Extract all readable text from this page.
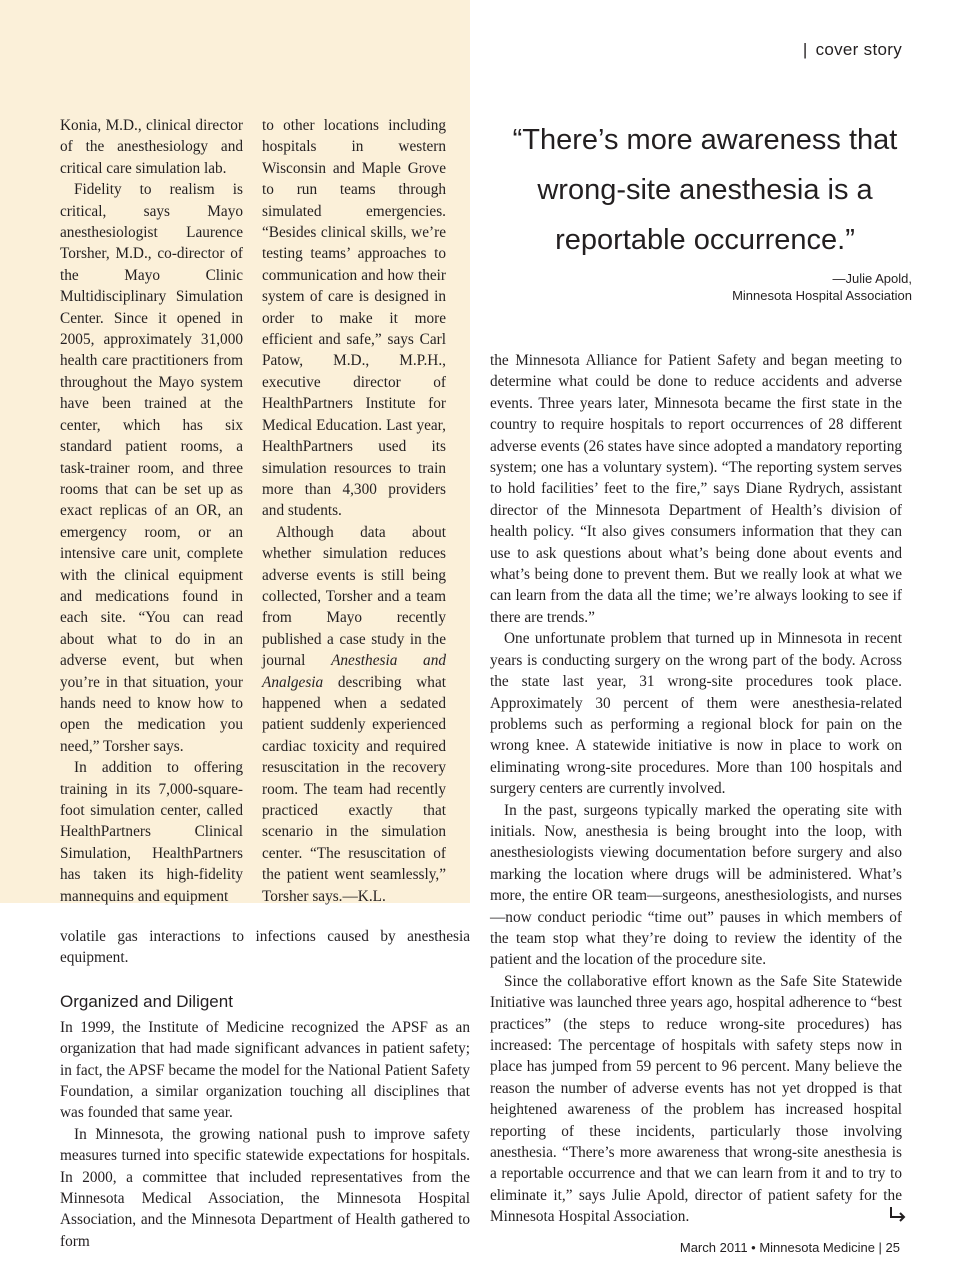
| cover story

Konia, M.D., clinical director of the anesthesiology and critical care simulation lab.

Fidelity to realism is critical, says Mayo anesthesiologist Laurence Torsher, M.D., co-director of the Mayo Clinic Multidisciplinary Simulation Center. Since it opened in 2005, approximately 31,000 health care practitioners from throughout the Mayo system have been trained at the center, which has six standard patient rooms, a task-trainer room, and three rooms that can be set up as exact replicas of an OR, an emergency room, or an intensive care unit, complete with the clinical equipment and medications found in each site. “You can read about what to do in an adverse event, but when you’re in that situation, your hands need to know how to open the medication you need,” Torsher says.

In addition to offering training in its 7,000-square-foot simulation center, called HealthPartners Clinical Simulation, HealthPartners has taken its high-fidelity mannequins and equipment

to other locations including hospitals in western Wisconsin and Maple Grove to run teams through simulated emergencies. “Besides clinical skills, we’re testing teams’ approaches to communication and how their system of care is designed in order to make it more efficient and safe,” says Carl Patow, M.D., M.P.H., executive director of HealthPartners Institute for Medical Education. Last year, HealthPartners used its simulation resources to train more than 4,300 providers and students.

Although data about whether simulation reduces adverse events is still being collected, Torsher and a team from Mayo recently published a case study in the journal Anesthesia and Analgesia describing what happened when a sedated patient suddenly experienced cardiac toxicity and required resuscitation in the recovery room. The team had recently practiced exactly that scenario in the simulation center. “The resuscitation of the patient went seamlessly,” Torsher says.—K.L.

“There’s more awareness that wrong-site anesthesia is a reportable occurrence.”
—Julie Apold,
Minnesota Hospital Association

volatile gas interactions to infections caused by anesthesia equipment.

Organized and Diligent

In 1999, the Institute of Medicine recognized the APSF as an organization that had made significant advances in patient safety; in fact, the APSF became the model for the National Patient Safety Foundation, a similar organization touching all disciplines that was founded that same year.

In Minnesota, the growing national push to improve safety measures turned into specific statewide expectations for hospitals. In 2000, a committee that included representatives from the Minnesota Medical Association, the Minnesota Hospital Association, and the Minnesota Department of Health gathered to form

the Minnesota Alliance for Patient Safety and began meeting to determine what could be done to reduce accidents and adverse events. Three years later, Minnesota became the first state in the country to require hospitals to report occurrences of 28 different adverse events (26 states have since adopted a mandatory reporting system; one has a voluntary system). “The reporting system serves to hold facilities’ feet to the fire,” says Diane Rydrych, assistant director of the Minnesota Department of Health’s division of health policy. “It also gives consumers information that they can use to ask questions about what’s being done about events and what’s being done to prevent them. But we really look at what we can learn from the data all the time; we’re always looking to see if there are trends.”

One unfortunate problem that turned up in Minnesota in recent years is conducting surgery on the wrong part of the body. Across the state last year, 31 wrong-site procedures took place. Approximately 30 percent of them were anesthesia-related problems such as performing a regional block for pain on the wrong knee. A statewide initiative is now in place to work on eliminating wrong-site procedures. More than 100 hospitals and surgery centers are currently involved.

In the past, surgeons typically marked the operating site with initials. Now, anesthesia is being brought into the loop, with anesthesiologists viewing documentation before surgery and also marking the location where drugs will be administered. What’s more, the entire OR team—surgeons, anesthesiologists, and nurses—now conduct periodic “time out” pauses in which members of the team stop what they’re doing to review the identity of the patient and the location of the procedure site.

Since the collaborative effort known as the Safe Site Statewide Initiative was launched three years ago, hospital adherence to “best practices” (the steps to reduce wrong-site procedures) has increased: The percentage of hospitals with safety steps now in place has jumped from 59 percent to 96 percent. Many believe the reason the number of adverse events has not yet dropped is that heightened awareness of the problem has increased hospital reporting of these incidents, particularly those involving anesthesia. “There’s more awareness that wrong-site anesthesia is a reportable occurrence and that we can learn from it and to try to eliminate it,” says Julie Apold, director of patient safety for the Minnesota Hospital Association.

March 2011 • Minnesota Medicine | 25
